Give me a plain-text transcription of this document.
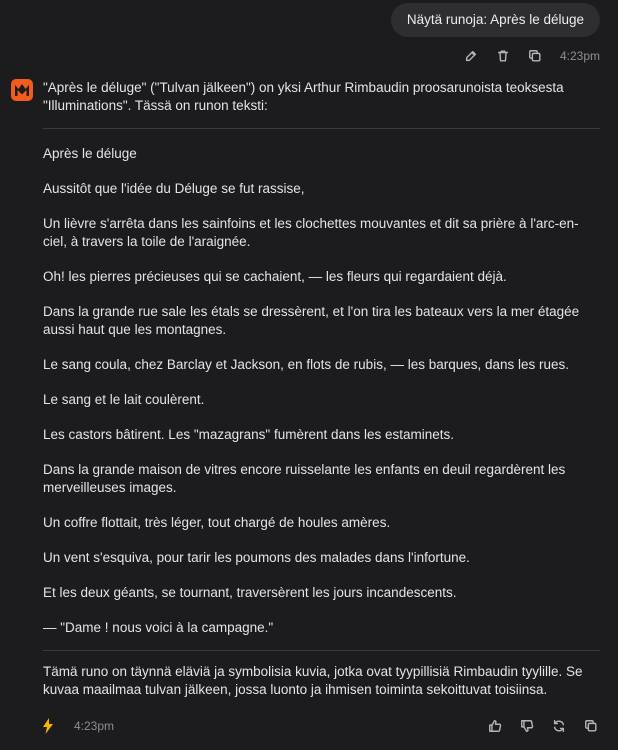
Näytä runoja: Après le déluge
4:23pm

"Après le déluge" ("Tulvan jälkeen") on yksi Arthur Rimbaudin proosarunoista teoksesta "Illuminations". Tässä on runon teksti:

Après le déluge

Aussitôt que l'idée du Déluge se fut rassise,

Un lièvre s'arrêta dans les sainfoins et les clochettes mouvantes et dit sa prière à l'arc-en-ciel, à travers la toile de l'araignée.

Oh! les pierres précieuses qui se cachaient, — les fleurs qui regardaient déjà.

Dans la grande rue sale les étals se dressèrent, et l'on tira les bateaux vers la mer étagée aussi haut que les montagnes.

Le sang coula, chez Barclay et Jackson, en flots de rubis, — les barques, dans les rues.

Le sang et le lait coulèrent.

Les castors bâtirent. Les "mazagrans" fumèrent dans les estaminets.

Dans la grande maison de vitres encore ruisselante les enfants en deuil regardèrent les merveilleuses images.

Un coffre flottait, très léger, tout chargé de houles amères.

Un vent s'esquiva, pour tarir les poumons des malades dans l'infortune.

Et les deux géants, se tournant, traversèrent les jours incandescents.

— "Dame ! nous voici à la campagne."

Tämä runo on täynnä eläviä ja symbolisia kuvia, jotka ovat tyypillisiä Rimbaudin tyylille. Se kuvaa maailmaa tulvan jälkeen, jossa luonto ja ihmisen toiminta sekoittuvat toisiinsa.

4:23pm
